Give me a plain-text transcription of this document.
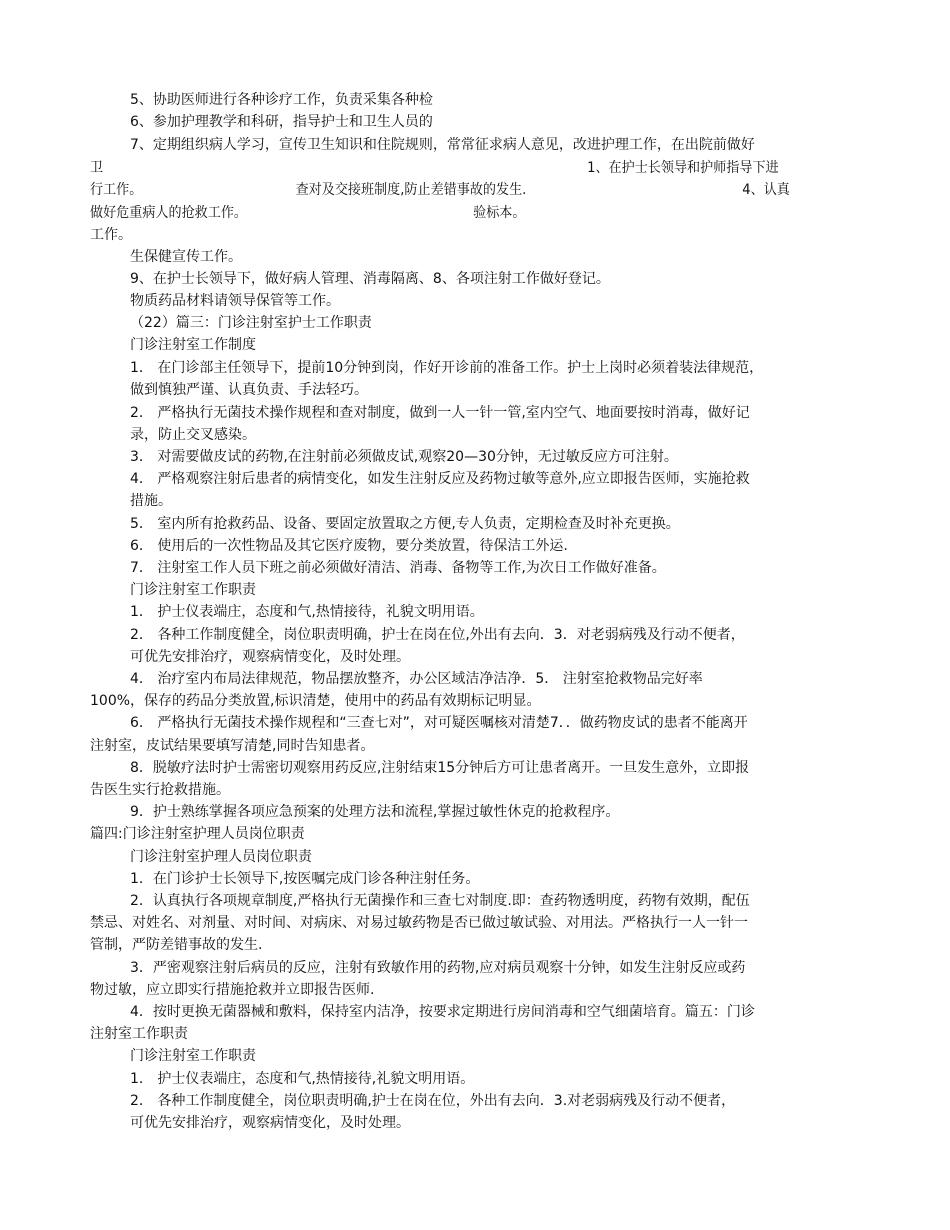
5、协助医师进行各种诊疗工作，负责采集各种检
6、参加护理教学和科研，指导护士和卫生人员的
7、定期组织病人学习，宣传卫生知识和住院规则，常常征求病人意见，改进护理工作，在出院前做好
卫	1、在护士长领导和护师指导下进
行工作。	查对及交接班制度,防止差错事故的发生.	4、认真
做好危重病人的抢救工作。	验标本。
工作。
生保健宣传工作。
9、在护士长领导下，做好病人管理、消毒隔离、8、各项注射工作做好登记。
物质药品材料请领导保管等工作。
（22）篇三：门诊注射室护士工作职责
门诊注射室工作制度
1． 在门诊部主任领导下，提前10分钟到岗，作好开诊前的准备工作。护士上岗时必须着装法律规范，
做到慎独严谨、认真负责、手法轻巧。
2． 严格执行无菌技术操作规程和查对制度，做到一人一针一管,室内空气、地面要按时消毒，做好记
录，防止交叉感染。
3． 对需要做皮试的药物,在注射前必须做皮试,观察20—30分钟，无过敏反应方可注射。
4． 严格观察注射后患者的病情变化，如发生注射反应及药物过敏等意外,应立即报告医师，实施抢救
措施。
5． 室内所有抢救药品、设备、要固定放置取之方便,专人负责，定期检查及时补充更换。
6． 使用后的一次性物品及其它医疗废物，要分类放置，待保洁工外运.
7． 注射室工作人员下班之前必须做好清洁、消毒、备物等工作,为次日工作做好准备。
门诊注射室工作职责
1． 护士仪表端庄，态度和气,热情接待，礼貌文明用语。
2． 各种工作制度健全，岗位职责明确，护士在岗在位,外出有去向．3．对老弱病残及行动不便者，
可优先安排治疗，观察病情变化，及时处理。
4． 治疗室内布局法律规范，物品摆放整齐，办公区域洁净洁净．5． 注射室抢救物品完好率
100%，保存的药品分类放置,标识清楚，使用中的药品有效期标记明显。
6． 严格执行无菌技术操作规程和“三查七对”，对可疑医嘱核对清楚7．．做药物皮试的患者不能离开
注射室，皮试结果要填写清楚,同时告知患者。
8．脱敏疗法时护士需密切观察用药反应,注射结束15分钟后方可让患者离开。一旦发生意外，立即报
告医生实行抢救措施。
9．护士熟练掌握各项应急预案的处理方法和流程,掌握过敏性休克的抢救程序。
篇四:门诊注射室护理人员岗位职责
门诊注射室护理人员岗位职责
1．在门诊护士长领导下,按医嘱完成门诊各种注射任务。
2．认真执行各项规章制度,严格执行无菌操作和三查七对制度.即：查药物透明度，药物有效期，配伍
禁忌、对姓名、对剂量、对时间、对病床、对易过敏药物是否已做过敏试验、对用法。严格执行一人一针一
管制，严防差错事故的发生.
3．严密观察注射后病员的反应，注射有致敏作用的药物,应对病员观察十分钟，如发生注射反应或药
物过敏，应立即实行措施抢救并立即报告医师.
4．按时更换无菌器械和敷料，保持室内洁净，按要求定期进行房间消毒和空气细菌培育。篇五：门诊
注射室工作职责
门诊注射室工作职责
1． 护士仪表端庄，态度和气,热情接待,礼貌文明用语。
2． 各种工作制度健全，岗位职责明确,护士在岗在位，外出有去向．3.对老弱病残及行动不便者，
可优先安排治疗，观察病情变化，及时处理。
